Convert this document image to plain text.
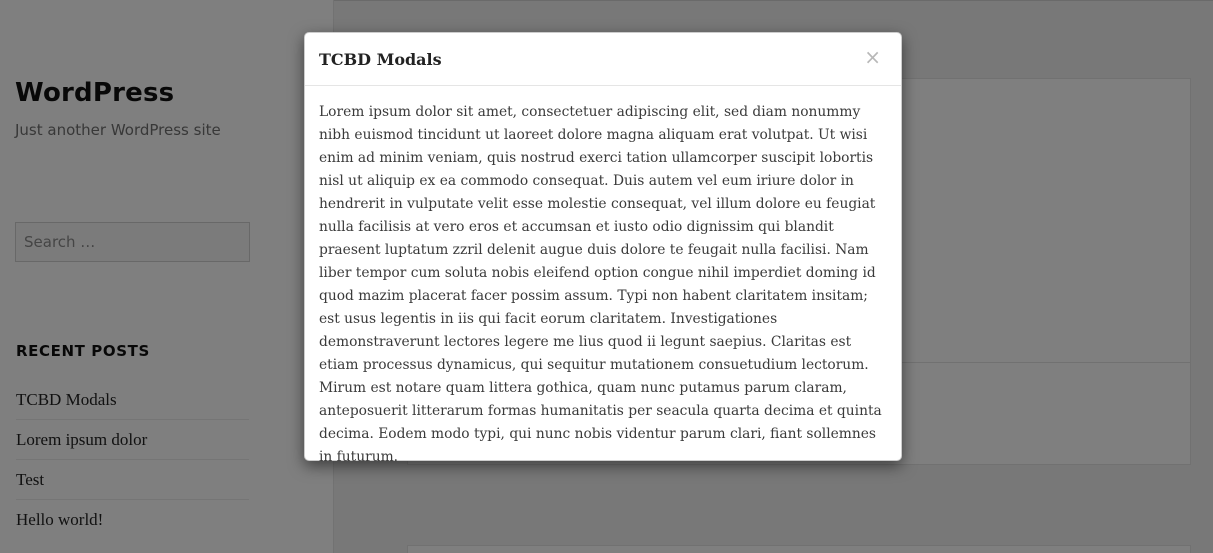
TCBD Modals	×
Lorem ipsum dolor sit amet, consectetuer adipiscing elit, sed diam nonummy nibh euismod tincidunt ut laoreet dolore magna aliquam erat volutpat. Ut wisi enim ad minim veniam, quis nostrud exerci tation ullamcorper suscipit lobortis nisl ut aliquip ex ea commodo consequat. Duis autem vel eum iriure dolor in hendrerit in vulputate velit esse molestie consequat, vel illum dolore eu feugiat nulla facilisis at vero eros et accumsan et iusto odio dignissim qui blandit praesent luptatum zzril delenit augue duis dolore te feugait nulla facilisi. Nam liber tempor cum soluta nobis eleifend option congue nihil imperdiet doming id quod mazim placerat facer possim assum. Typi non habent claritatem insitam; est usus legentis in iis qui facit eorum claritatem. Investigationes demonstraverunt lectores legere me lius quod ii legunt saepius. Claritas est etiam processus dynamicus, qui sequitur mutationem consuetudium lectorum. Mirum est notare quam littera gothica, quam nunc putamus parum claram, anteposuerit litterarum formas humanitatis per seacula quarta decima et quinta decima. Eodem modo typi, qui nunc nobis videntur parum clari, fiant sollemnes in futurum.
